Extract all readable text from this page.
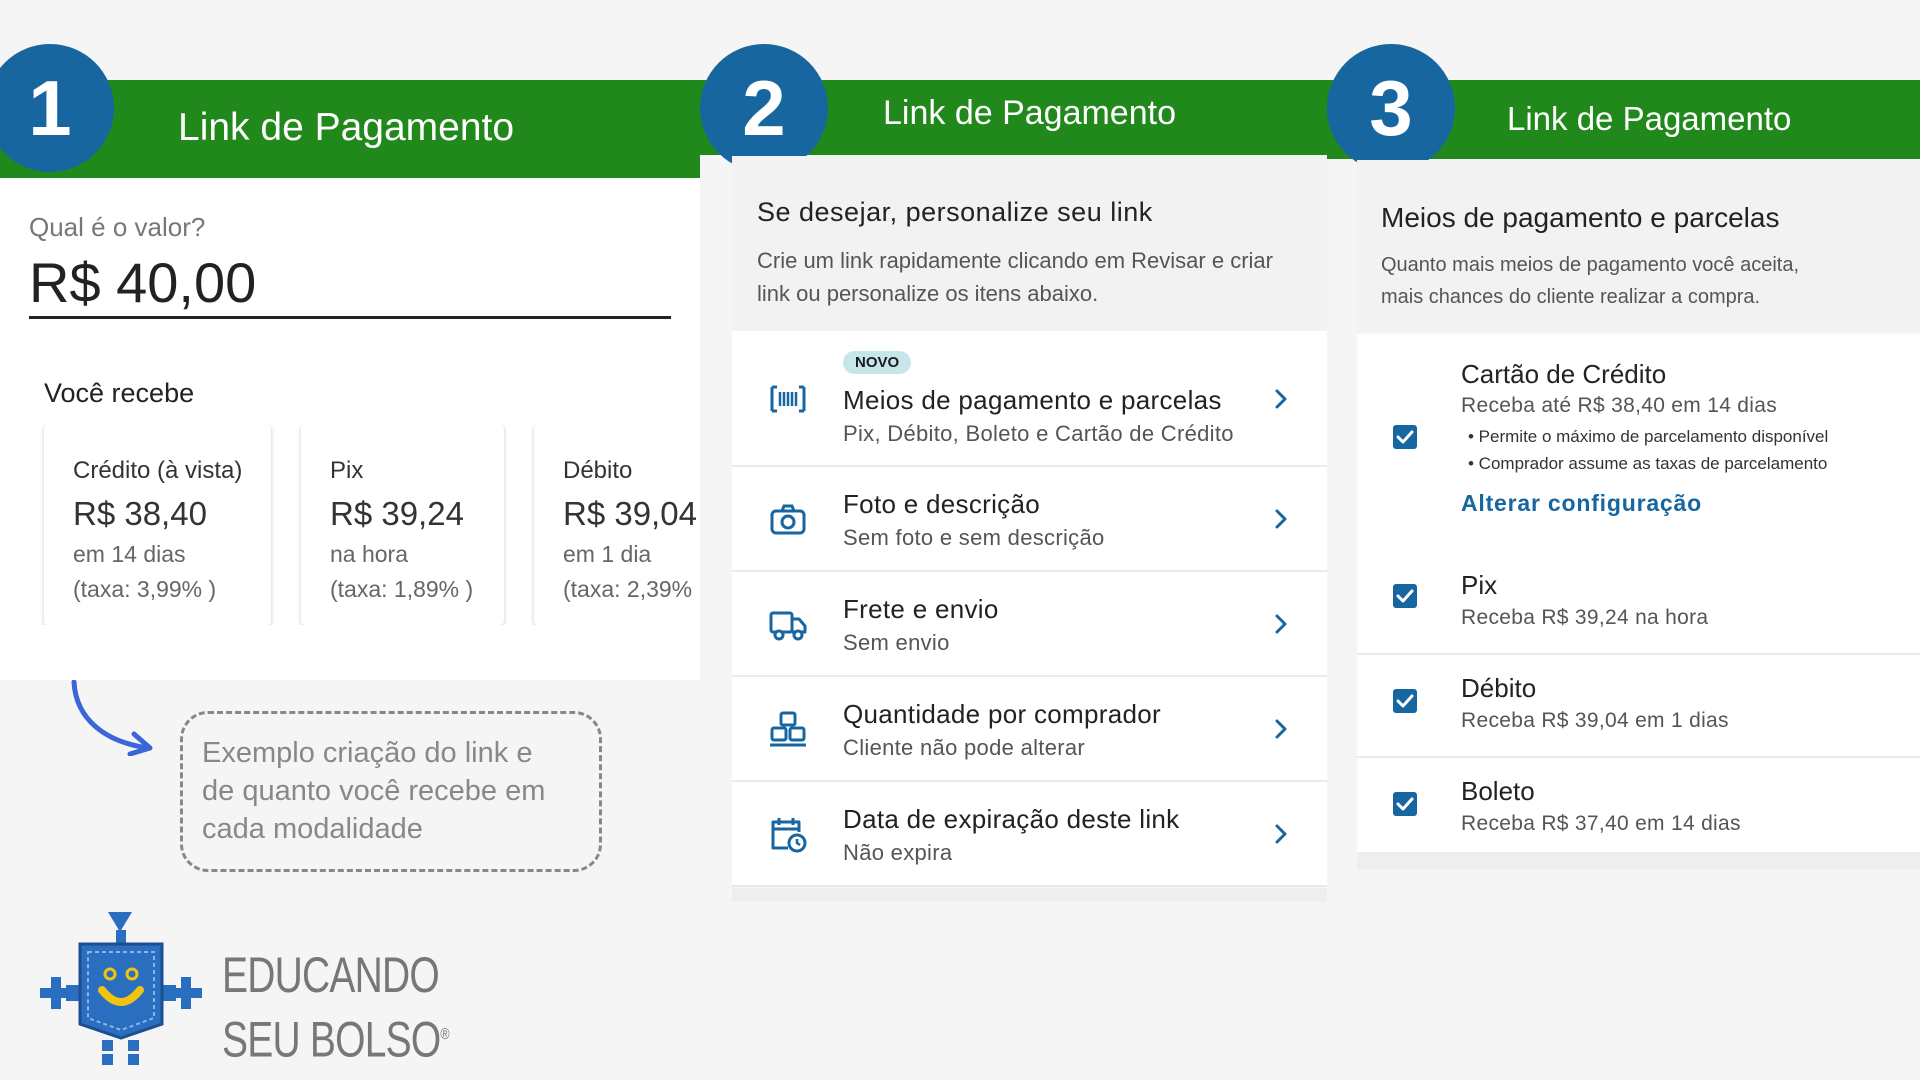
Link de Pagamento
1
Qual é o valor?
R$ 40,00
Você recebe
Crédito (à vista)
R$ 38,40
em 14 dias
(taxa: 3,99% )
Pix
R$ 39,24
na hora
(taxa: 1,89% )
Débito
R$ 39,04
em 1 dia
(taxa: 2,39%
Exemplo criação do link e
de quanto você recebe em
cada modalidade
EDUCANDO
SEU BOLSO®
Link de Pagamento
2
Se desejar, personalize seu link
Crie um link rapidamente clicando em Revisar e criar link ou personalize os itens abaixo.
NOVO
Meios de pagamento e parcelas
Pix, Débito, Boleto e Cartão de Crédito
Foto e descrição
Sem foto e sem descrição
Frete e envio
Sem envio
Quantidade por comprador
Cliente não pode alterar
Data de expiração deste link
Não expira
Link de Pagamento
3
Meios de pagamento e parcelas
Quanto mais meios de pagamento você aceita,
mais chances do cliente realizar a compra.
Cartão de Crédito
Receba até R$ 38,40 em 14 dias
• Permite o máximo de parcelamento disponível
• Comprador assume as taxas de parcelamento
Alterar configuração
Pix
Receba R$ 39,24 na hora
Débito
Receba R$ 39,04 em 1 dias
Boleto
Receba R$ 37,40 em 14 dias
